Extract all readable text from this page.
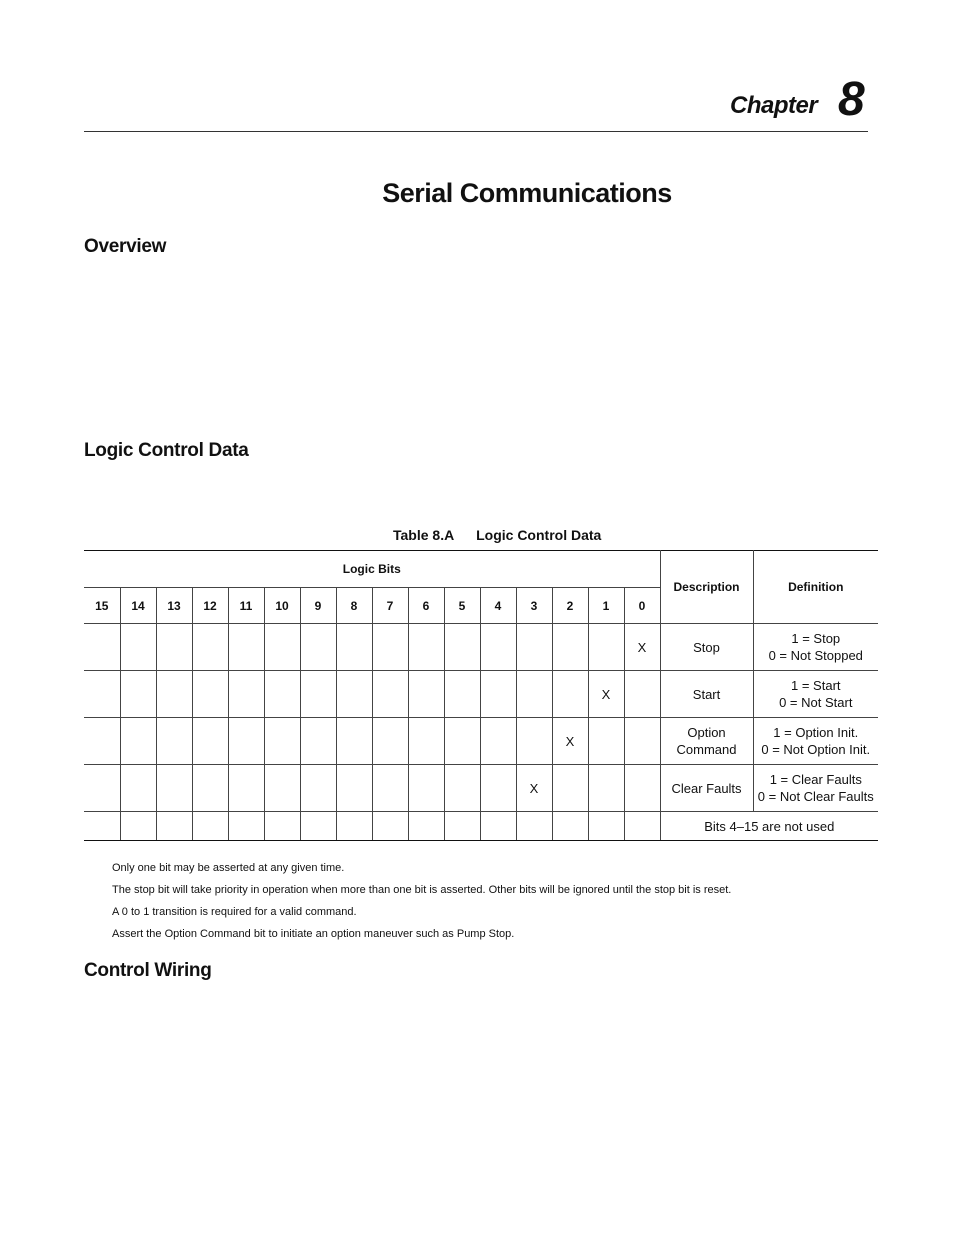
Chapter 8
Serial Communications
Overview
Logic Control Data
Table 8.A Logic Control Data
Logic Bits																Description	Definition
15	14	13	12	11	10	9	8	7	6	5	4	3	2	1	0		
															X	Stop	1 = Stop
0 = Not Stopped

														X		Start	1 = Start
0 = Not Start

													X			Option
Command	1 = Option Init.
0 = Not Option Init.

												X				Clear Faults	1 = Clear Faults
0 = Not Clear Faults

																Bits 4–15 are not used	

Only one bit may be asserted at any given time.

The stop bit will take priority in operation when more than one bit is asserted. Other bits will be ignored until the stop bit is reset.

A 0 to 1 transition is required for a valid command.

Assert the Option Command bit to initiate an option maneuver such as Pump Stop.

Control Wiring
